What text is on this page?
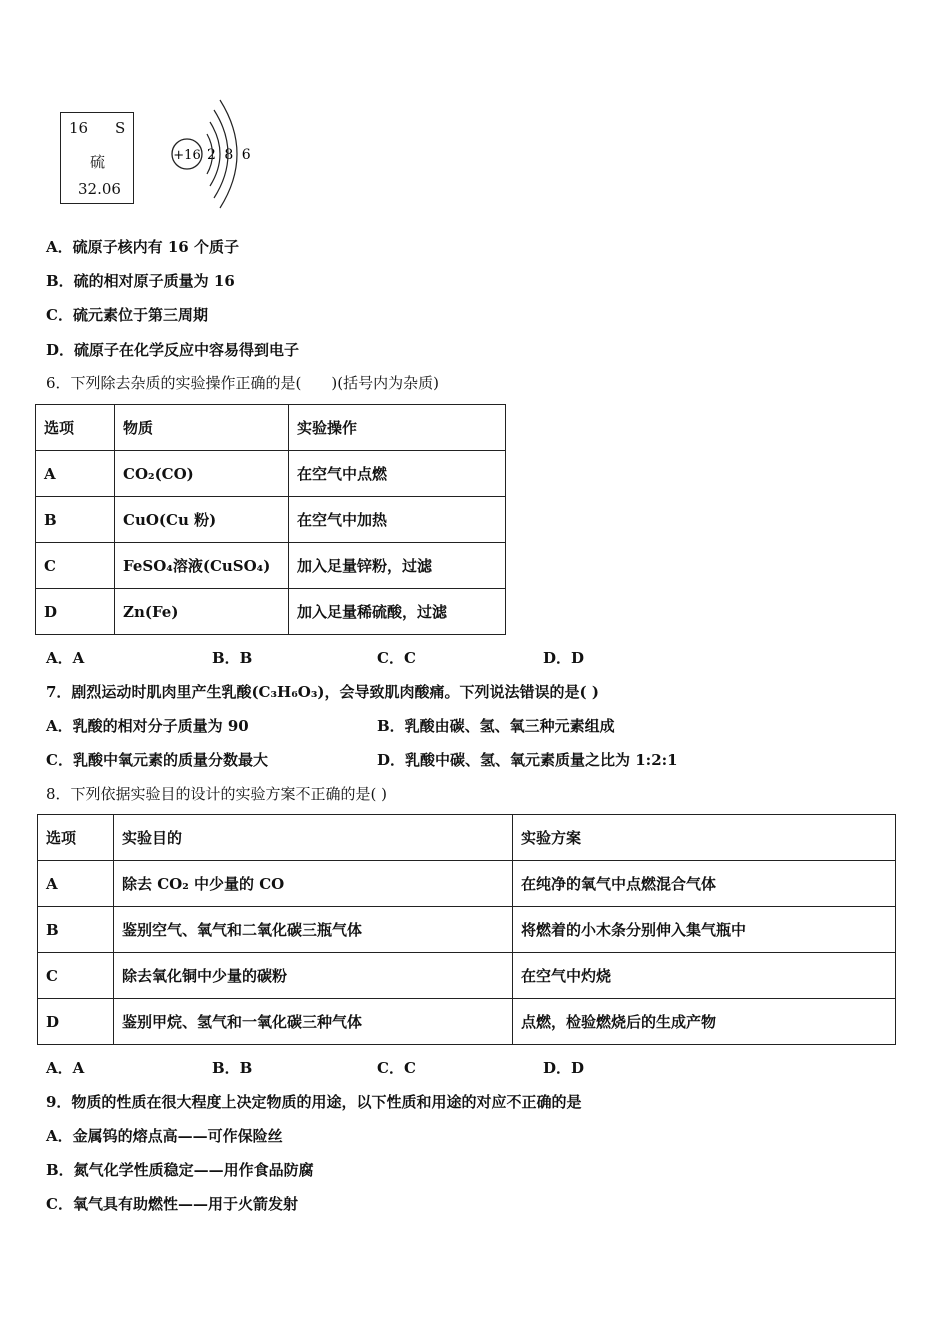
16 S
硫
32.06
+16 2 8 6
A．硫原子核内有 16 个质子
B．硫的相对原子质量为 16
C．硫元素位于第三周期
D．硫原子在化学反应中容易得到电子
6．下列除去杂质的实验操作正确的是(　　)(括号内为杂质)
选项	物质	实验操作
A	CO₂(CO)	在空气中点燃
B	CuO(Cu 粉)	在空气中加热
C	FeSO₄溶液(CuSO₄)	加入足量锌粉，过滤
D	Zn(Fe)	加入足量稀硫酸，过滤
A．A	B．B	C．C	D．D
7．剧烈运动时肌肉里产生乳酸(C₃H₆O₃)，会导致肌肉酸痛。下列说法错误的是( )
A．乳酸的相对分子质量为 90	B．乳酸由碳、氢、氧三种元素组成
C．乳酸中氧元素的质量分数最大	D．乳酸中碳、氢、氧元素质量之比为 1:2:1
8．下列依据实验目的设计的实验方案不正确的是( )
选项	实验目的	实验方案
A	除去 CO₂ 中少量的 CO	在纯净的氧气中点燃混合气体
B	鉴别空气、氧气和二氧化碳三瓶气体	将燃着的小木条分别伸入集气瓶中
C	除去氧化铜中少量的碳粉	在空气中灼烧
D	鉴别甲烷、氢气和一氧化碳三种气体	点燃，检验燃烧后的生成产物
A．A	B．B	C．C	D．D
9．物质的性质在很大程度上决定物质的用途，以下性质和用途的对应不正确的是
A．金属钨的熔点高——可作保险丝
B．氮气化学性质稳定——用作食品防腐
C．氧气具有助燃性——用于火箭发射
